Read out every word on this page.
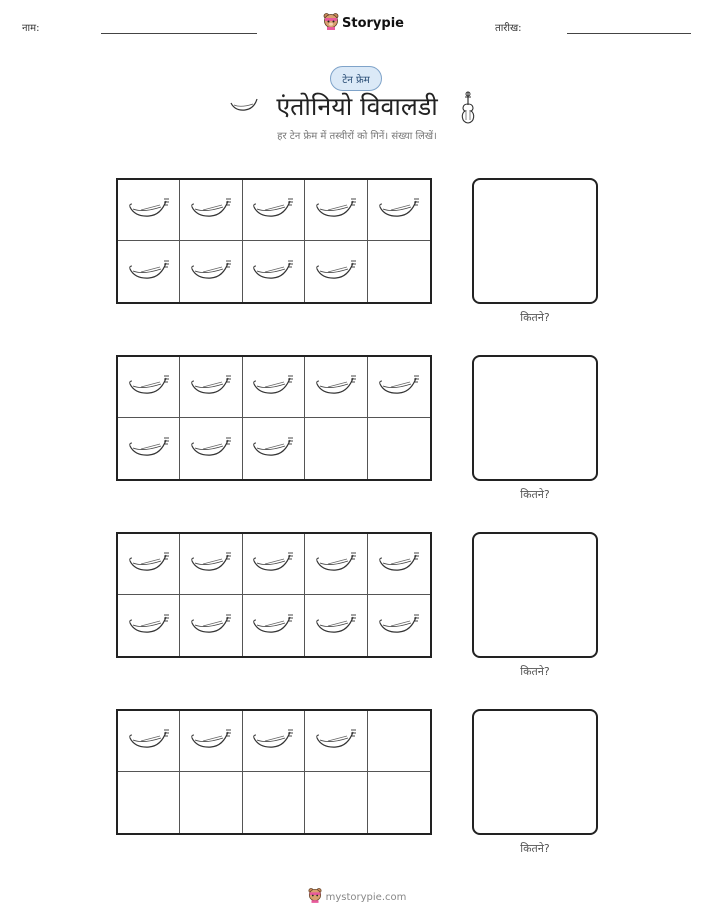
नाम:	Storypie	तारीख:
टेन फ्रेम
एंतोनियो विवालडी
हर टेन फ्रेम में तस्वीरों को गिनें। संख्या लिखें।
कितने?
कितने?
कितने?
कितने?
mystorypie.com
